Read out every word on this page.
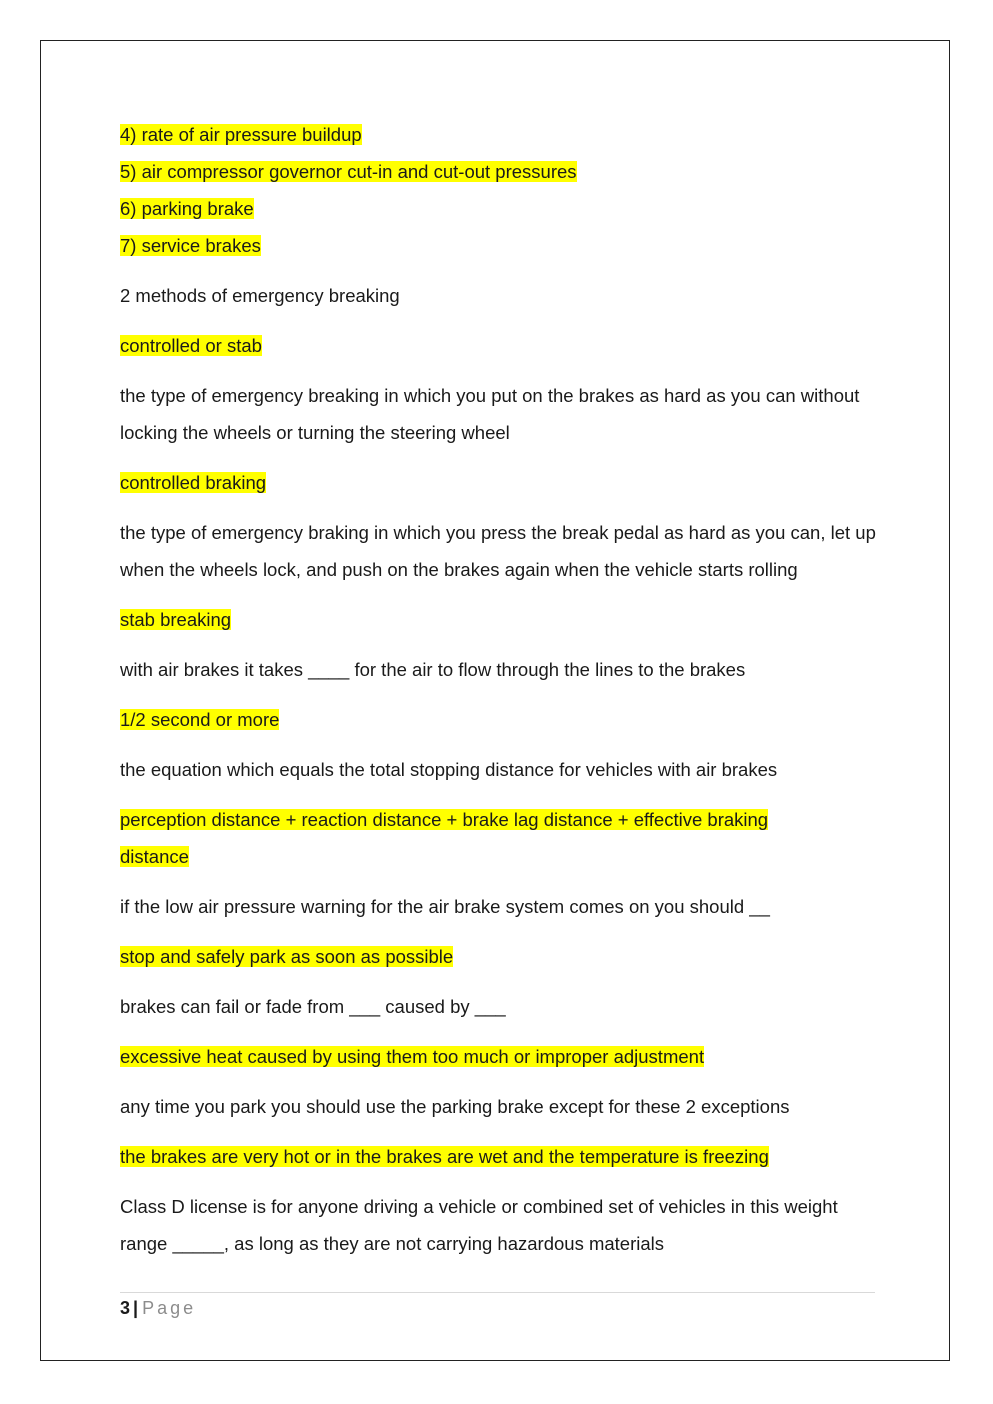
4) rate of air pressure buildup
5) air compressor governor cut-in and cut-out pressures
6) parking brake
7) service brakes
2 methods of emergency breaking
controlled or stab
the type of emergency breaking in which you put on the brakes as hard as you can without locking the wheels or turning the steering wheel
controlled braking
the type of emergency braking in which you press the break pedal as hard as you can, let up when the wheels lock, and push on the brakes again when the vehicle starts rolling
stab breaking
with air brakes it takes ____ for the air to flow through the lines to the brakes
1/2 second or more
the equation which equals the total stopping distance for vehicles with air brakes
perception distance + reaction distance + brake lag distance + effective braking distance
if the low air pressure warning for the air brake system comes on you should __
stop and safely park as soon as possible
brakes can fail or fade from ___ caused by ___
excessive heat caused by using them too much or improper adjustment
any time you park you should use the parking brake except for these 2 exceptions
the brakes are very hot or in the brakes are wet and the temperature is freezing
Class D license is for anyone driving a vehicle or combined set of vehicles in this weight range _____, as long as they are not carrying hazardous materials
3 | Page
